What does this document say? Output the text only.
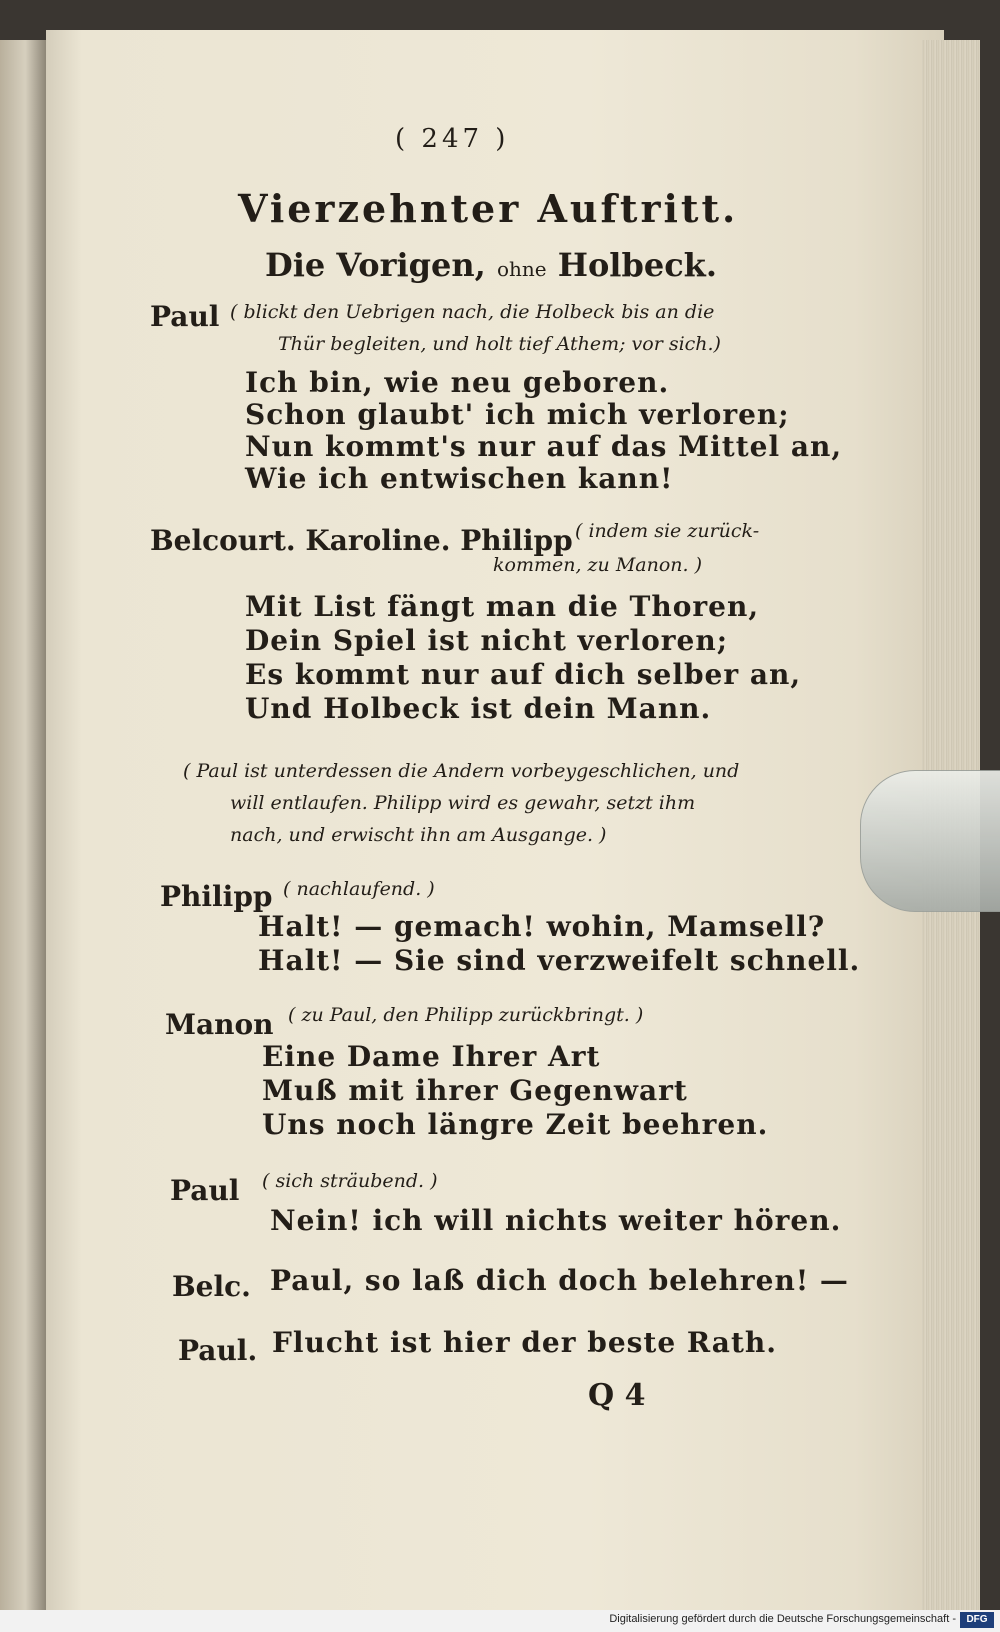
( 247 )
Vierzehnter Auftritt.
Die Vorigen, ohne Holbeck.
Paul ( blickt den Uebrigen nach, die Holbeck bis an die
Thür begleiten, und holt tief Athem; vor sich.)
Ich bin, wie neu geboren.
Schon glaubt' ich mich verloren;
Nun kommt's nur auf das Mittel an,
Wie ich entwischen kann!
Belcourt. Karoline. Philipp ( indem sie zurück-
kommen, zu Manon. )
Mit List fängt man die Thoren,
Dein Spiel ist nicht verloren;
Es kommt nur auf dich selber an,
Und Holbeck ist dein Mann.
( Paul ist unterdessen die Andern vorbeygeschlichen, und
will entlaufen. Philipp wird es gewahr, setzt ihm
nach, und erwischt ihn am Ausgange. )
Philipp ( nachlaufend. )
Halt! — gemach! wohin, Mamsell?
Halt! — Sie sind verzweifelt schnell.
Manon ( zu Paul, den Philipp zurückbringt. )
Eine Dame Ihrer Art
Muß mit ihrer Gegenwart
Uns noch längre Zeit beehren.
Paul ( sich sträubend. )
Nein! ich will nichts weiter hören.
Belc. Paul, so laß dich doch belehren! —
Paul. Flucht ist hier der beste Rath.
Q 4
Digitalisierung gefördert durch die Deutsche Forschungsgemeinschaft -	DFG
